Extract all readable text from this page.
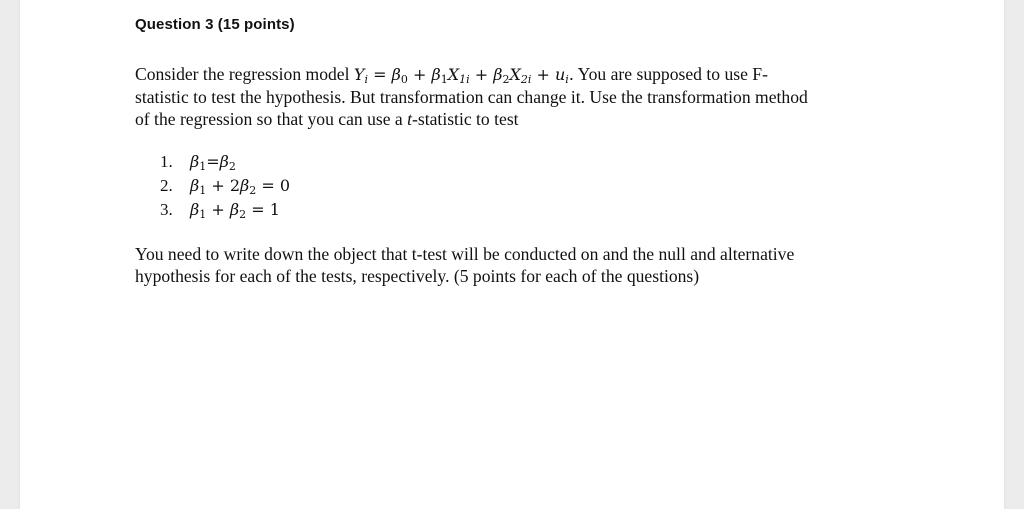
Question 3 (15 points)
Consider the regression model $Y_i = \beta_0 + \beta_1X_{1i} + \beta_2X_{2i} + u_i$. You are supposed to use F-
statistic to test the hypothesis. But transformation can change it. Use the transformation method
of the regression so that you can use a t-statistic to test
1. $\beta_1=\beta_2$
2. $\beta_1 + 2\beta_2 = 0$
3. $\beta_1 + \beta_2 = 1$
You need to write down the object that t-test will be conducted on and the null and alternative
hypothesis for each of the tests, respectively. (5 points for each of the questions)
